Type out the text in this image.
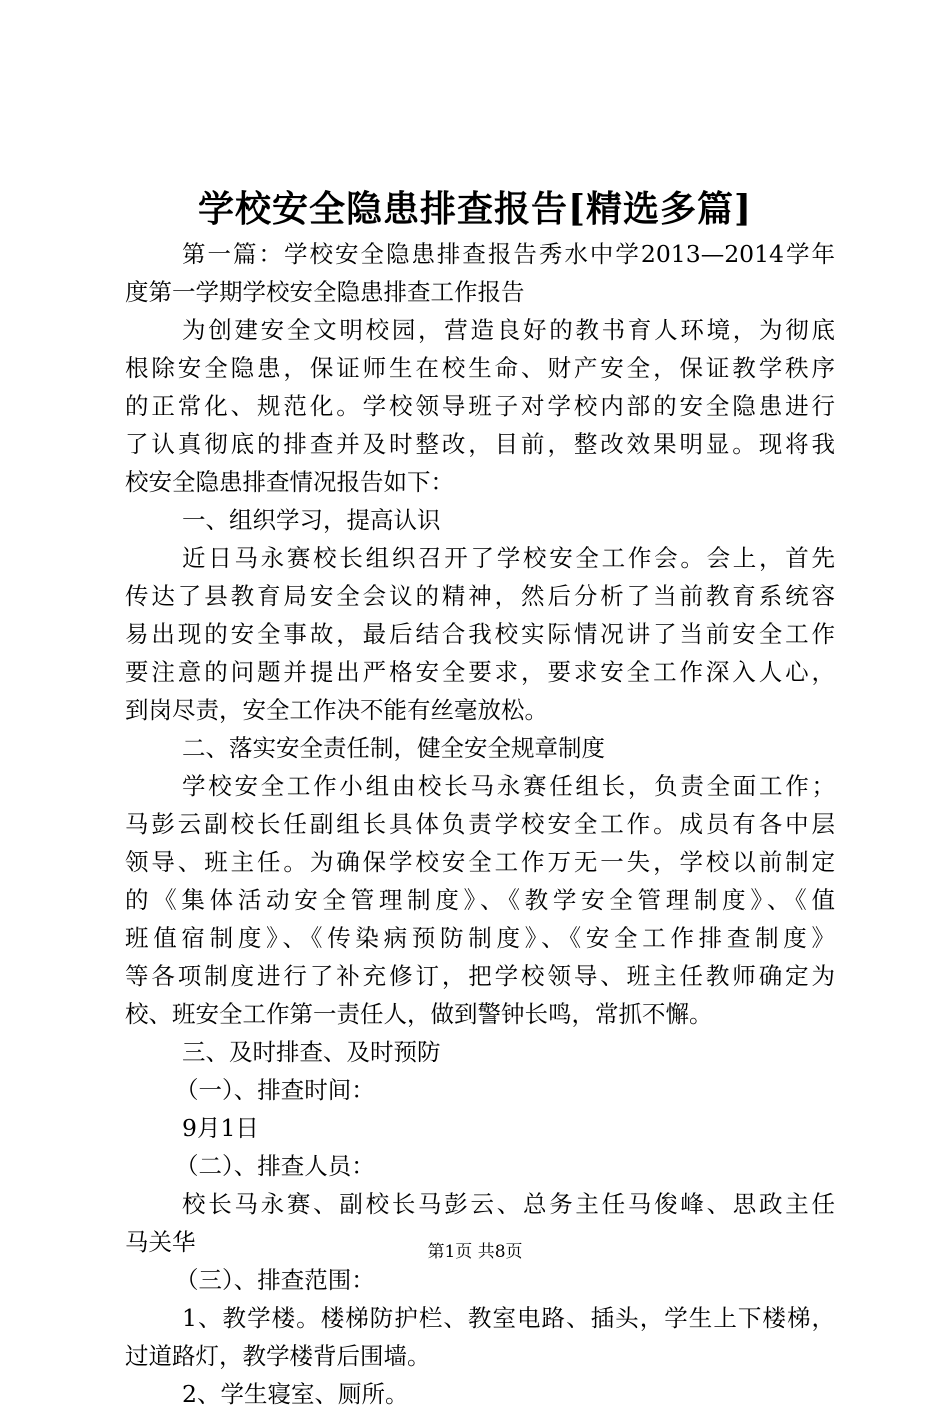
学校安全隐患排查报告[精选多篇]
第一篇：学校安全隐患排查报告秀水中学2013—2014学年
度第一学期学校安全隐患排查工作报告
为创建安全文明校园，营造良好的教书育人环境，为彻底
根除安全隐患，保证师生在校生命、财产安全，保证教学秩序
的正常化、规范化。学校领导班子对学校内部的安全隐患进行
了认真彻底的排查并及时整改，目前，整改效果明显。现将我
校安全隐患排查情况报告如下：
一、组织学习，提高认识
近日马永赛校长组织召开了学校安全工作会。会上，首先
传达了县教育局安全会议的精神，然后分析了当前教育系统容
易出现的安全事故，最后结合我校实际情况讲了当前安全工作
要注意的问题并提出严格安全要求，要求安全工作深入人心，
到岗尽责，安全工作决不能有丝毫放松。
二、落实安全责任制，健全安全规章制度
学校安全工作小组由校长马永赛任组长，负责全面工作；
马彭云副校长任副组长具体负责学校安全工作。成员有各中层
领导、班主任。为确保学校安全工作万无一失，学校以前制定
的《集体活动安全管理制度》、《教学安全管理制度》、《值
班值宿制度》、《传染病预防制度》、《安全工作排查制度》
等各项制度进行了补充修订，把学校领导、班主任教师确定为
校、班安全工作第一责任人，做到警钟长鸣，常抓不懈。
三、及时排查、及时预防
（一）、排查时间：
9月1日
（二）、排查人员：
校长马永赛、副校长马彭云、总务主任马俊峰、思政主任
马关华
（三）、排查范围：
1、教学楼。楼梯防护栏、教室电路、插头，学生上下楼梯，
过道路灯，教学楼背后围墙。
2、学生寝室、厕所。
第1页 共8页
